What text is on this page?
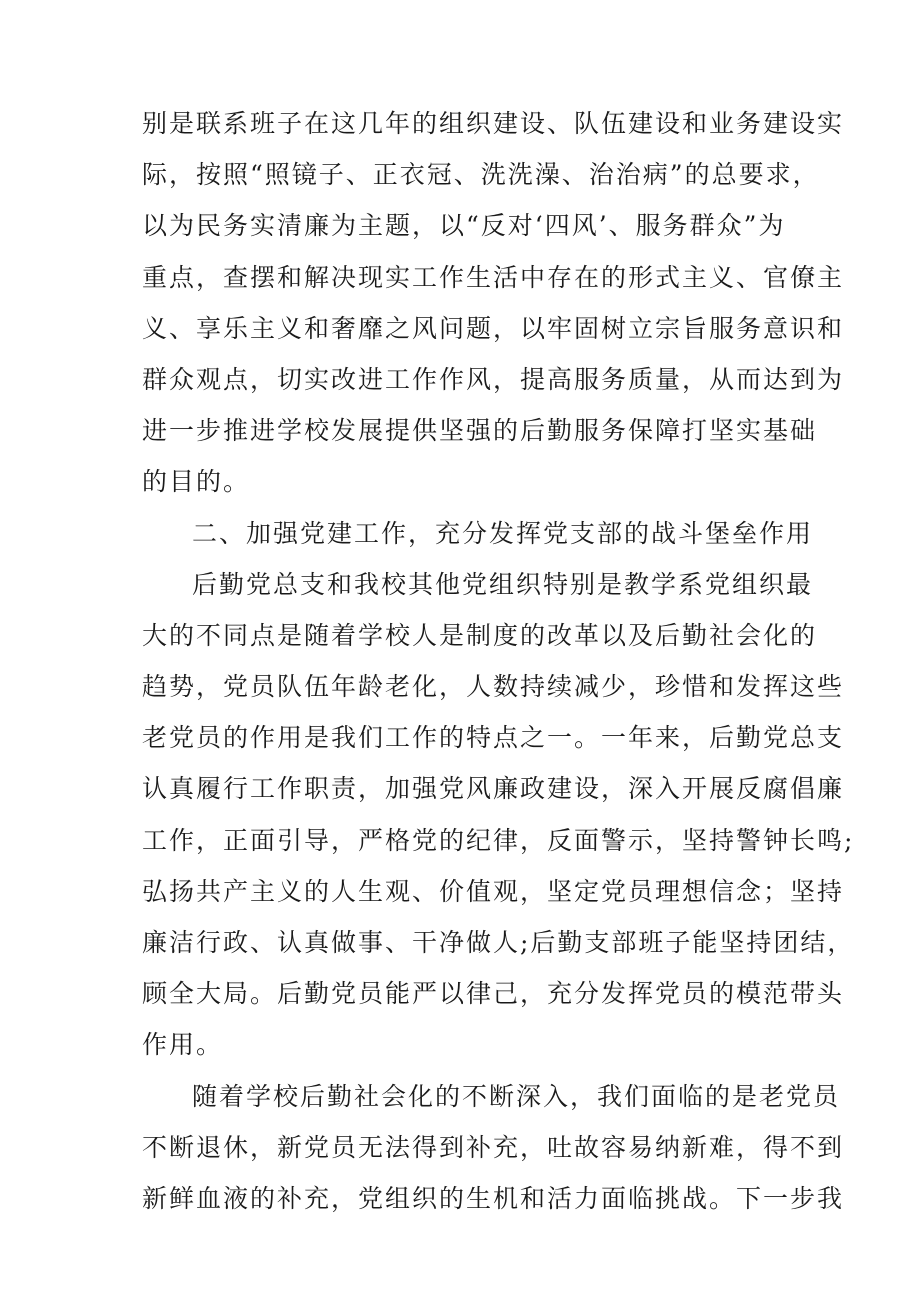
别是联系班子在这几年的组织建设、队伍建设和业务建设实
际，按照“照镜子、正衣冠、洗洗澡、治治病”的总要求，
以为民务实清廉为主题，以“反对‘四风’、服务群众”为
重点，查摆和解决现实工作生活中存在的形式主义、官僚主
义、享乐主义和奢靡之风问题，以牢固树立宗旨服务意识和
群众观点，切实改进工作作风，提高服务质量，从而达到为
进一步推进学校发展提供坚强的后勤服务保障打坚实基础
的目的。
二、加强党建工作，充分发挥党支部的战斗堡垒作用
后勤党总支和我校其他党组织特别是教学系党组织最
大的不同点是随着学校人是制度的改革以及后勤社会化的
趋势，党员队伍年龄老化，人数持续减少，珍惜和发挥这些
老党员的作用是我们工作的特点之一。一年来，后勤党总支
认真履行工作职责，加强党风廉政建设，深入开展反腐倡廉
工作，正面引导，严格党的纪律，反面警示，坚持警钟长鸣;
弘扬共产主义的人生观、价值观，坚定党员理想信念；坚持
廉洁行政、认真做事、干净做人;后勤支部班子能坚持团结，
顾全大局。后勤党员能严以律己，充分发挥党员的模范带头
作用。
随着学校后勤社会化的不断深入，我们面临的是老党员
不断退休，新党员无法得到补充，吐故容易纳新难，得不到
新鲜血液的补充，党组织的生机和活力面临挑战。下一步我
